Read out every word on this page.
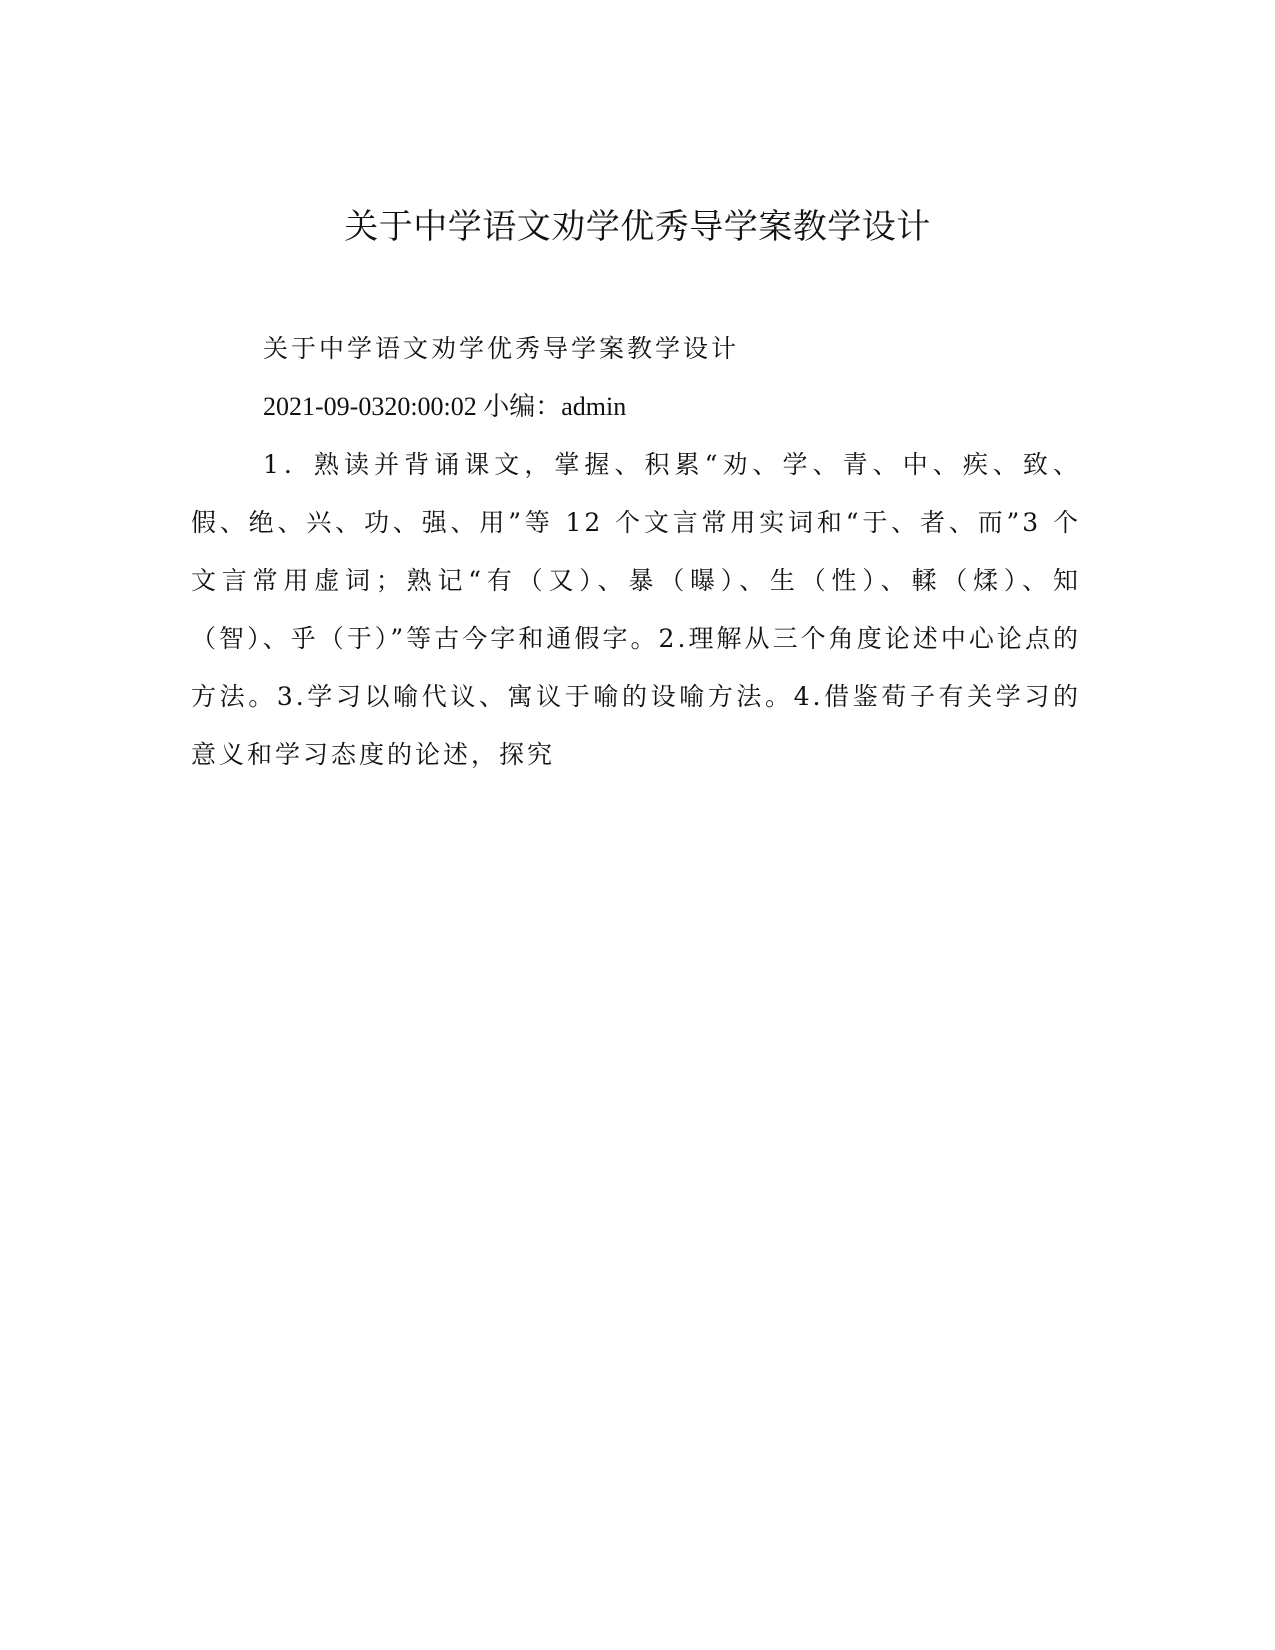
关于中学语文劝学优秀导学案教学设计

关于中学语文劝学优秀导学案教学设计

2021-09-0320:00:02 小编：admin

1．熟读并背诵课文，掌握、积累“劝、学、青、中、疾、致、假、绝、兴、功、强、用”等 12 个文言常用实词和“于、者、而”3 个文言常用虚词；熟记“有（又）、暴（曝）、生（性）、輮（煣）、知（智）、乎（于）”等古今字和通假字。2.理解从三个角度论述中心论点的方法。3.学习以喻代议、寓议于喻的设喻方法。4.借鉴荀子有关学习的意义和学习态度的论述，探究
